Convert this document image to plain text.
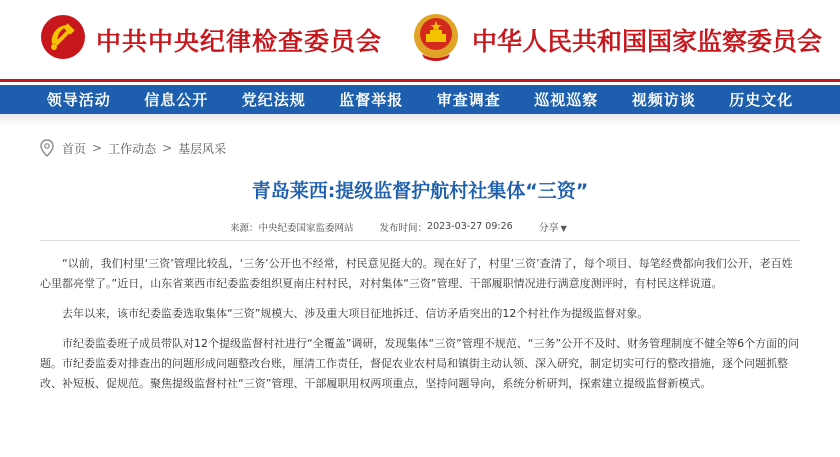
中共中央纪律检查委员会	中华人民共和国国家监察委员会
领导活动 信息公开 党纪法规 监督举报 审查调查 巡视巡察 视频访谈 历史文化
首页 > 工作动态 > 基层风采
青岛莱西:提级监督护航村社集体“三资”
来源： 中央纪委国家监委网站	发布时间： 2023-03-27 09:26	分享 ▼

“以前，我们村里‘三资’管理比较乱，‘三务’公开也不经常，村民意见挺大的。现在好了，村里‘三资’查清了，每个项目、每笔经费都向我们公开，老百姓心里都亮堂了。”近日，山东省莱西市纪委监委组织夏南庄村村民，对村集体“三资”管理、干部履职情况进行满意度测评时，有村民这样说道。

去年以来，该市纪委监委选取集体“三资”规模大、涉及重大项目征地拆迁、信访矛盾突出的12个村社作为提级监督对象。

市纪委监委班子成员带队对12个提级监督村社进行“全覆盖”调研，发现集体“三资”管理不规范、“三务”公开不及时、财务管理制度不健全等6个方面的问题。市纪委监委对排查出的问题形成问题整改台账，厘清工作责任，督促农业农村局和镇街主动认领、深入研究，制定切实可行的整改措施，逐个问题抓整改、补短板、促规范。聚焦提级监督村社“三资”管理、干部履职用权两项重点，坚持问题导向，系统分析研判，探索建立提级监督新模式。
